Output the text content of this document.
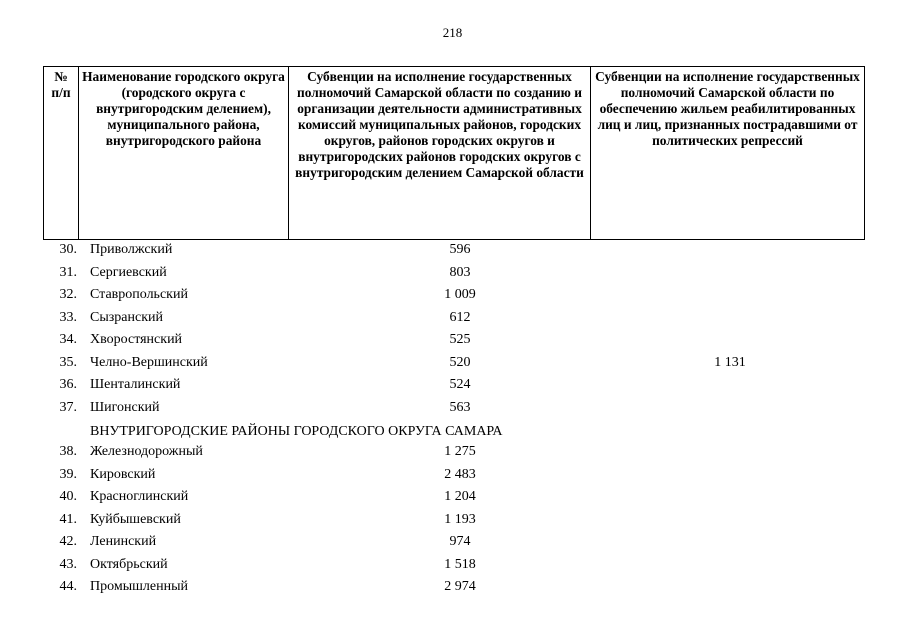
218
№ п/п	Наименование городского округа (городского округа с внутригородским делением), муниципального района, внутригородского района	Субвенции на исполнение государственных полномочий Самарской области по созданию и организации деятельности административных комиссий муниципальных районов, городских округов, районов городских округов и внутригородских районов городских округов с внутригородским делением Самарской области	Субвенции на исполнение государственных полномочий Самарской области по обеспечению жильем реабилитированных лиц и лиц, признанных пострадавшими от политических репрессий
30. Приволжский	596
31. Сергиевский	803
32. Ставропольский	1 009
33. Сызранский	612
34. Хворостянский	525
35. Челно-Вершинский	520	1 131
36. Шенталинский	524
37. Шигонский	563
38. Железнодорожный	1 275
39. Кировский	2 483
40. Красноглинский	1 204
41. Куйбышевский	1 193
42. Ленинский	974
43. Октябрьский	1 518
44. Промышленный	2 974
ВНУТРИГОРОДСКИЕ РАЙОНЫ ГОРОДСКОГО ОКРУГА САМАРА
